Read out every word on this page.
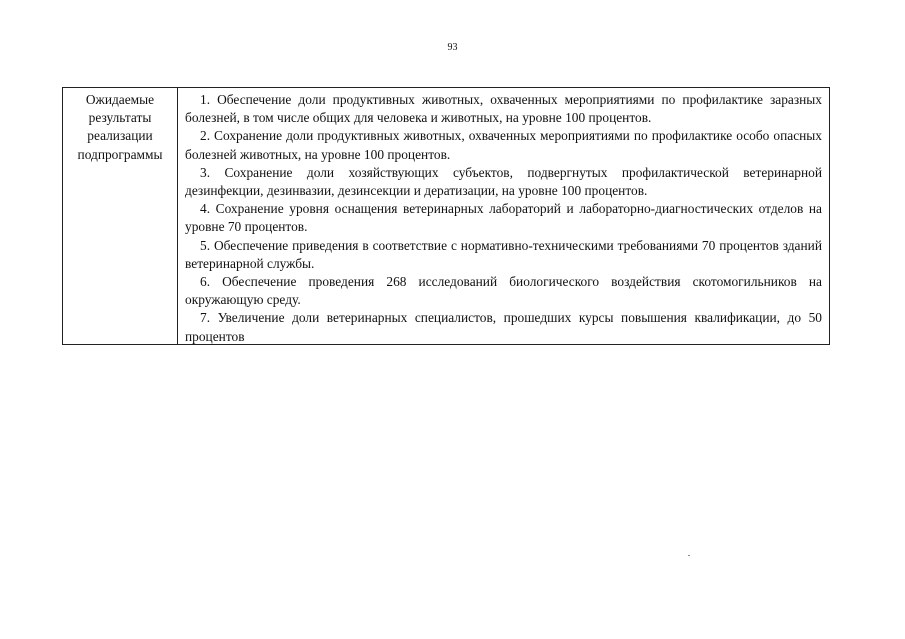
93
Ожидаемые
результаты
реализации
подпрограммы

1. Обеспечение доли продуктивных животных, охваченных мероприятиями по профилактике заразных болезней, в том числе общих для человека и животных, на уровне 100 процентов.

2. Сохранение доли продуктивных животных, охваченных мероприятиями по профилактике особо опасных болезней животных, на уровне 100 процентов.

3. Сохранение доли хозяйствующих субъектов, подвергнутых профилактической ветеринарной дезинфекции, дезинвазии, дезинсекции и дератизации, на уровне 100 процентов.

4. Сохранение уровня оснащения ветеринарных лабораторий и лабораторно-диагностических отделов на уровне 70 процентов.

5. Обеспечение приведения в соответствие с нормативно-техническими требованиями 70 процентов зданий ветеринарной службы.

6. Обеспечение проведения 268 исследований биологического воздействия скотомогильников на окружающую среду.

7. Увеличение доли ветеринарных специалистов, прошедших курсы повышения квалификации, до 50 процентов
